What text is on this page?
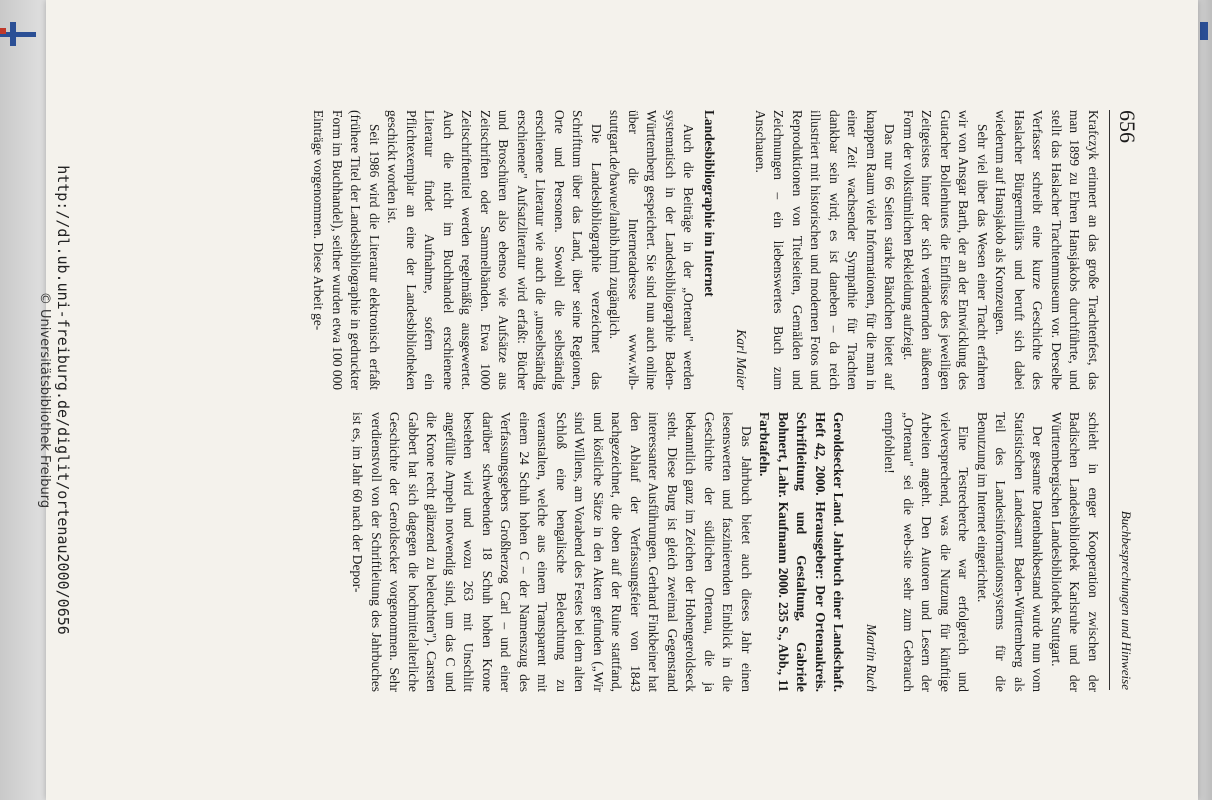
656
Buchbesprechungen und Hinweise

Krafczyk erinnert an das große Trachtenfest, das man 1899 zu Ehren Hansjakobs durchführte, und stellt das Haslacher Trachtenmuseum vor. Derselbe Verfasser schreibt eine kurze Geschichte des Haslacher Bürgermilitärs und beruft sich dabei wiederum auf Hansjakob als Kronzeugen.

Sehr viel über das Wesen einer Tracht erfahren wir von Ansgar Barth, der an der Entwicklung des Gutacher Bollenhutes die Einflüsse des jeweiligen Zeitgeistes hinter der sich verändernden äußeren Form der volkstümlichen Bekleidung aufzeigt.

Das nur 66 Seiten starke Bändchen bietet auf knappem Raum viele Informationen, für die man in einer Zeit wachsender Sympathie für Trachten dankbar sein wird; es ist daneben – da reich illustriert mit historischen und modernen Fotos und Reproduktionen von Titelseiten, Gemälden und Zeichnungen – ein liebenswertes Buch zum Anschauen.

Karl Maier

Landesbibliographie im Internet

Auch die Beiträge in der „Ortenau" werden systematisch in der Landesbibliographie Baden-Württemberg gespeichert. Sie sind nun auch online über die Internetadresse www.wlb-stuttgart.de/bawue/lanbib.html zugänglich.

Die Landesbibliographie verzeichnet das Schrifttum über das Land, über seine Regionen, Orte und Personen. Sowohl die selbständig erschienene Literatur wie auch die „unselbständig erschienene" Aufsatzliteratur wird erfaßt: Bücher und Broschüren also ebenso wie Aufsätze aus Zeitschriften oder Sammelbänden. Etwa 1000 Zeitschriftentitel werden regelmäßig ausgewertet. Auch die nicht im Buchhandel erschienene Literatur findet Aufnahme, sofern ein Pflichtexemplar an eine der Landesbibliotheken geschickt worden ist.

Seit 1986 wird die Literatur elektronisch erfaßt (frühere Titel der Landesbibliographie in gedruckter Form im Buchhandel), seither wurden etwa 100 000 Einträge vorgenommen. Diese Arbeit ge-

schieht in enger Kooperation zwischen der Badischen Landesbibliothek Karlsruhe und der Württembergischen Landesbibliothek Stuttgart.

Der gesamte Datenbankbestand wurde nun vom Statistischen Landesamt Baden-Württemberg als Teil des Landesinformationssystems für die Benutzung im Internet eingerichtet.

Eine Testrecherche war erfolgreich und vielversprechend, was die Nutzung für künftige Arbeiten angeht. Den Autoren und Lesern der „Ortenau" sei die web-site sehr zum Gebrauch empfohlen!

Martin Ruch

Geroldsecker Land. Jahrbuch einer Landschaft. Heft 42, 2000. Herausgeber: Der Ortenaukreis. Schriftleitung und Gestaltung, Gabriele Bohnert, Lahr. Kaufmann 2000. 235 S., Abb., 11 Farbtafeln.

Das Jahrbuch bietet auch dieses Jahr einen lesenswerten und faszinierenden Einblick in die Geschichte der südlichen Ortenau, die ja bekanntlich ganz im Zeichen der Hohengeroldseck steht. Diese Burg ist gleich zweimal Gegenstand interessanter Ausführungen. Gerhard Finkbeiner hat den Ablauf der Verfassungsfeier von 1843 nachgezeichnet, die oben auf der Ruine stattfand, und köstliche Sätze in den Akten gefunden („Wir sind Willens, am Vorabend des Festes bei dem alten Schloß eine bengalische Beleuchtung zu veranstalten, welche aus einem Transparent mit einem 24 Schuh hohen C – der Namenszug des Verfassungsgebers Großherzog Carl – und einer darüber schwebenden 18 Schuh hohen Krone bestehen wird und wozu 263 mit Unschlitt angefüllte Ampeln notwendig sind, um das C und die Krone recht glänzend zu beleuchten"). Carsten Gabbert hat sich dagegen die hochmittelalterliche Geschichte der Geroldsecker vorgenommen. Sehr verdienstvoll von der Schriftleitung des Jahrbuches ist es, im Jahr 60 nach der Depor-

http://dl.ub.uni-freiburg.de/diglit/ortenau2000/0656
© Universitätsbibliothek Freiburg
